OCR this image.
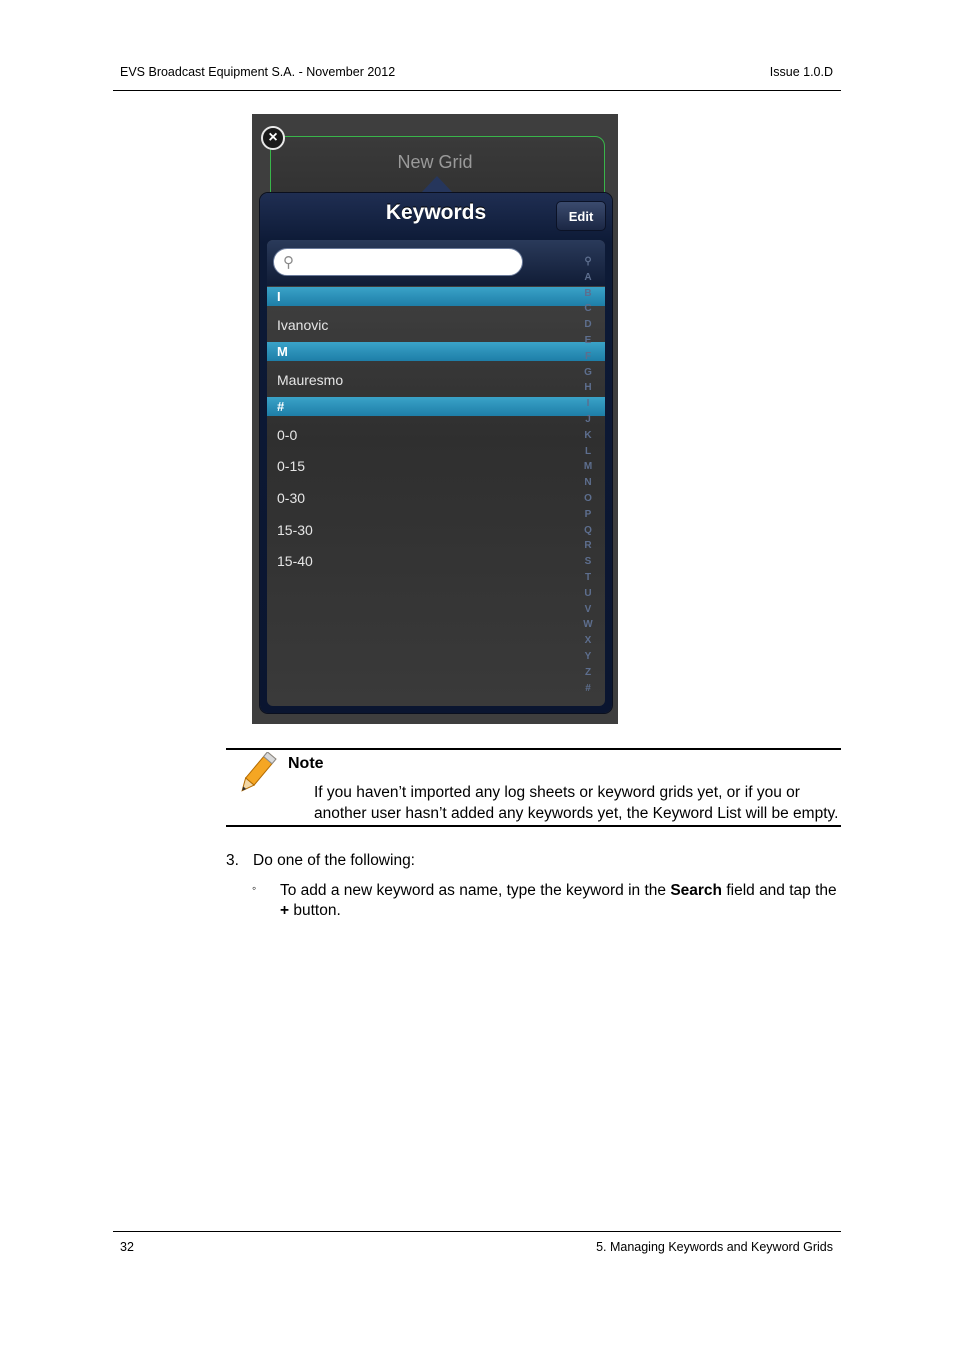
EVS Broadcast Equipment S.A. - November 2012	Issue 1.0.D
New Grid
×
Keywords	Edit
⚲
I
Ivanovic
M
Mauresmo
#
0-0
0-15
0-30
15-30
15-40
⚲
A
B
C
D
E
F
G
H
I
J
K
L
M
N
O
P
Q
R
S
T
U
V
W
X
Y
Z
#
Note
If you haven’t imported any log sheets or keyword grids yet, or if you or another user hasn’t added any keywords yet, the Keyword List will be empty.
3. Do one of the following:
◦ To add a new keyword as name, type the keyword in the Search field and tap the + button.
32	5. Managing Keywords and Keyword Grids
